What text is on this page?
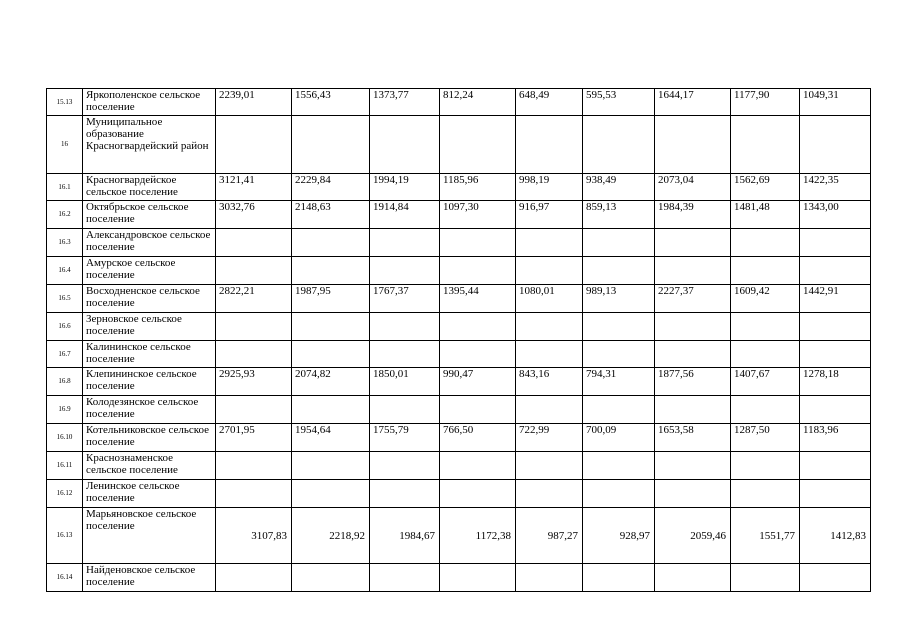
15.13	Яркополенское сельское поселение	2239,01	1556,43	1373,77	812,24	648,49	595,53	1644,17	1177,90	1049,31
16	Муниципальное образование Красногвардейский район									
16.1	Красногвардейское сельское поселение	3121,41	2229,84	1994,19	1185,96	998,19	938,49	2073,04	1562,69	1422,35
16.2	Октябрьское сельское поселение	3032,76	2148,63	1914,84	1097,30	916,97	859,13	1984,39	1481,48	1343,00
16.3	Александровское сельское поселение									
16.4	Амурское сельское поселение									
16.5	Восходненское сельское поселение	2822,21	1987,95	1767,37	1395,44	1080,01	989,13	2227,37	1609,42	1442,91
16.6	Зерновское сельское поселение									
16.7	Калининское сельское поселение									
16.8	Клепининское сельское поселение	2925,93	2074,82	1850,01	990,47	843,16	794,31	1877,56	1407,67	1278,18
16.9	Колодезянское сельское поселение									
16.10	Котельниковское сельское поселение	2701,95	1954,64	1755,79	766,50	722,99	700,09	1653,58	1287,50	1183,96
16.11	Краснознаменское сельское поселение									
16.12	Ленинское сельское поселение									
16.13	Марьяновское сельское поселение	3107,83	2218,92	1984,67	1172,38	987,27	928,97	2059,46	1551,77	1412,83
16.14	Найденовское сельское поселение									
